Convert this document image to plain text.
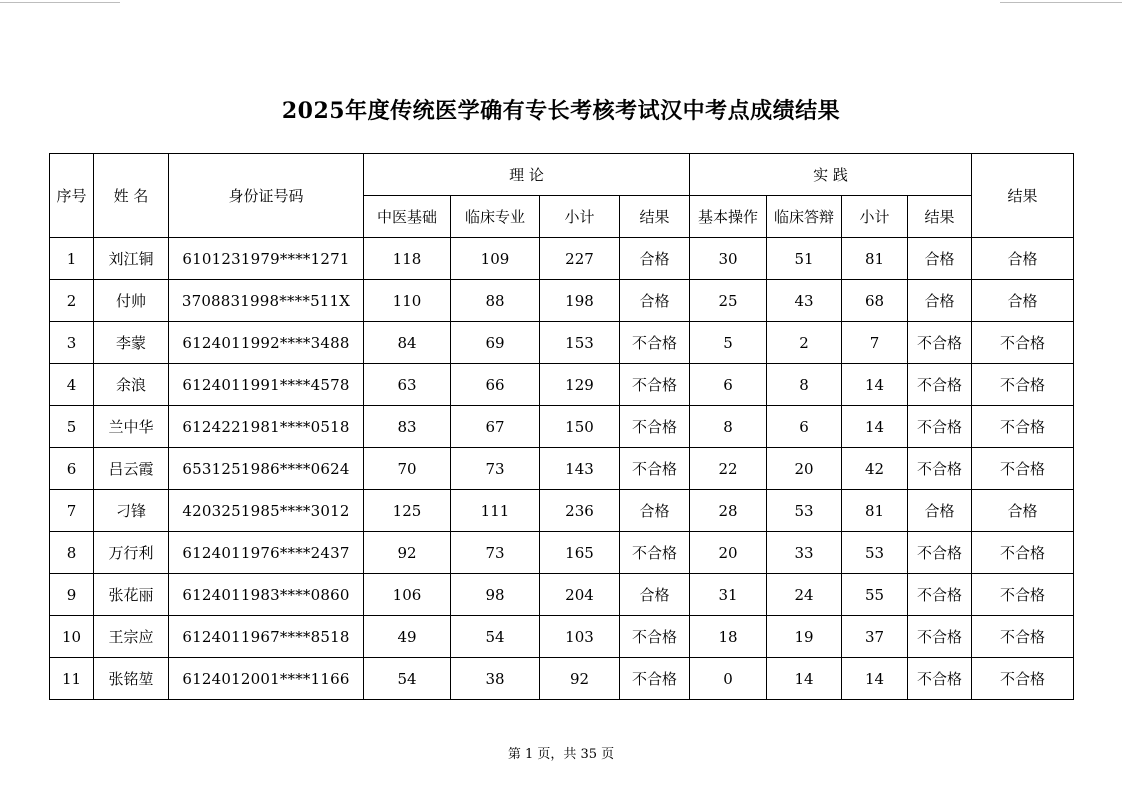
2025年度传统医学确有专长考核考试汉中考点成绩结果
序号	姓 名	身份证号码	理 论				实 践				结果
			中医基础	临床专业	小计	结果	基本操作	临床答辩	小计	结果	
1	刘江铜	6101231979****1271	118	109	227	合格	30	51	81	合格	合格
2	付帅	3708831998****511X	110	88	198	合格	25	43	68	合格	合格
3	李蒙	6124011992****3488	84	69	153	不合格	5	2	7	不合格	不合格
4	余浪	6124011991****4578	63	66	129	不合格	6	8	14	不合格	不合格
5	兰中华	6124221981****0518	83	67	150	不合格	8	6	14	不合格	不合格
6	吕云霞	6531251986****0624	70	73	143	不合格	22	20	42	不合格	不合格
7	刁锋	4203251985****3012	125	111	236	合格	28	53	81	合格	合格
8	万行利	6124011976****2437	92	73	165	不合格	20	33	53	不合格	不合格
9	张花丽	6124011983****0860	106	98	204	合格	31	24	55	不合格	不合格
10	王宗应	6124011967****8518	49	54	103	不合格	18	19	37	不合格	不合格
11	张铭堃	6124012001****1166	54	38	92	不合格	0	14	14	不合格	不合格
第 1 页，共 35 页
